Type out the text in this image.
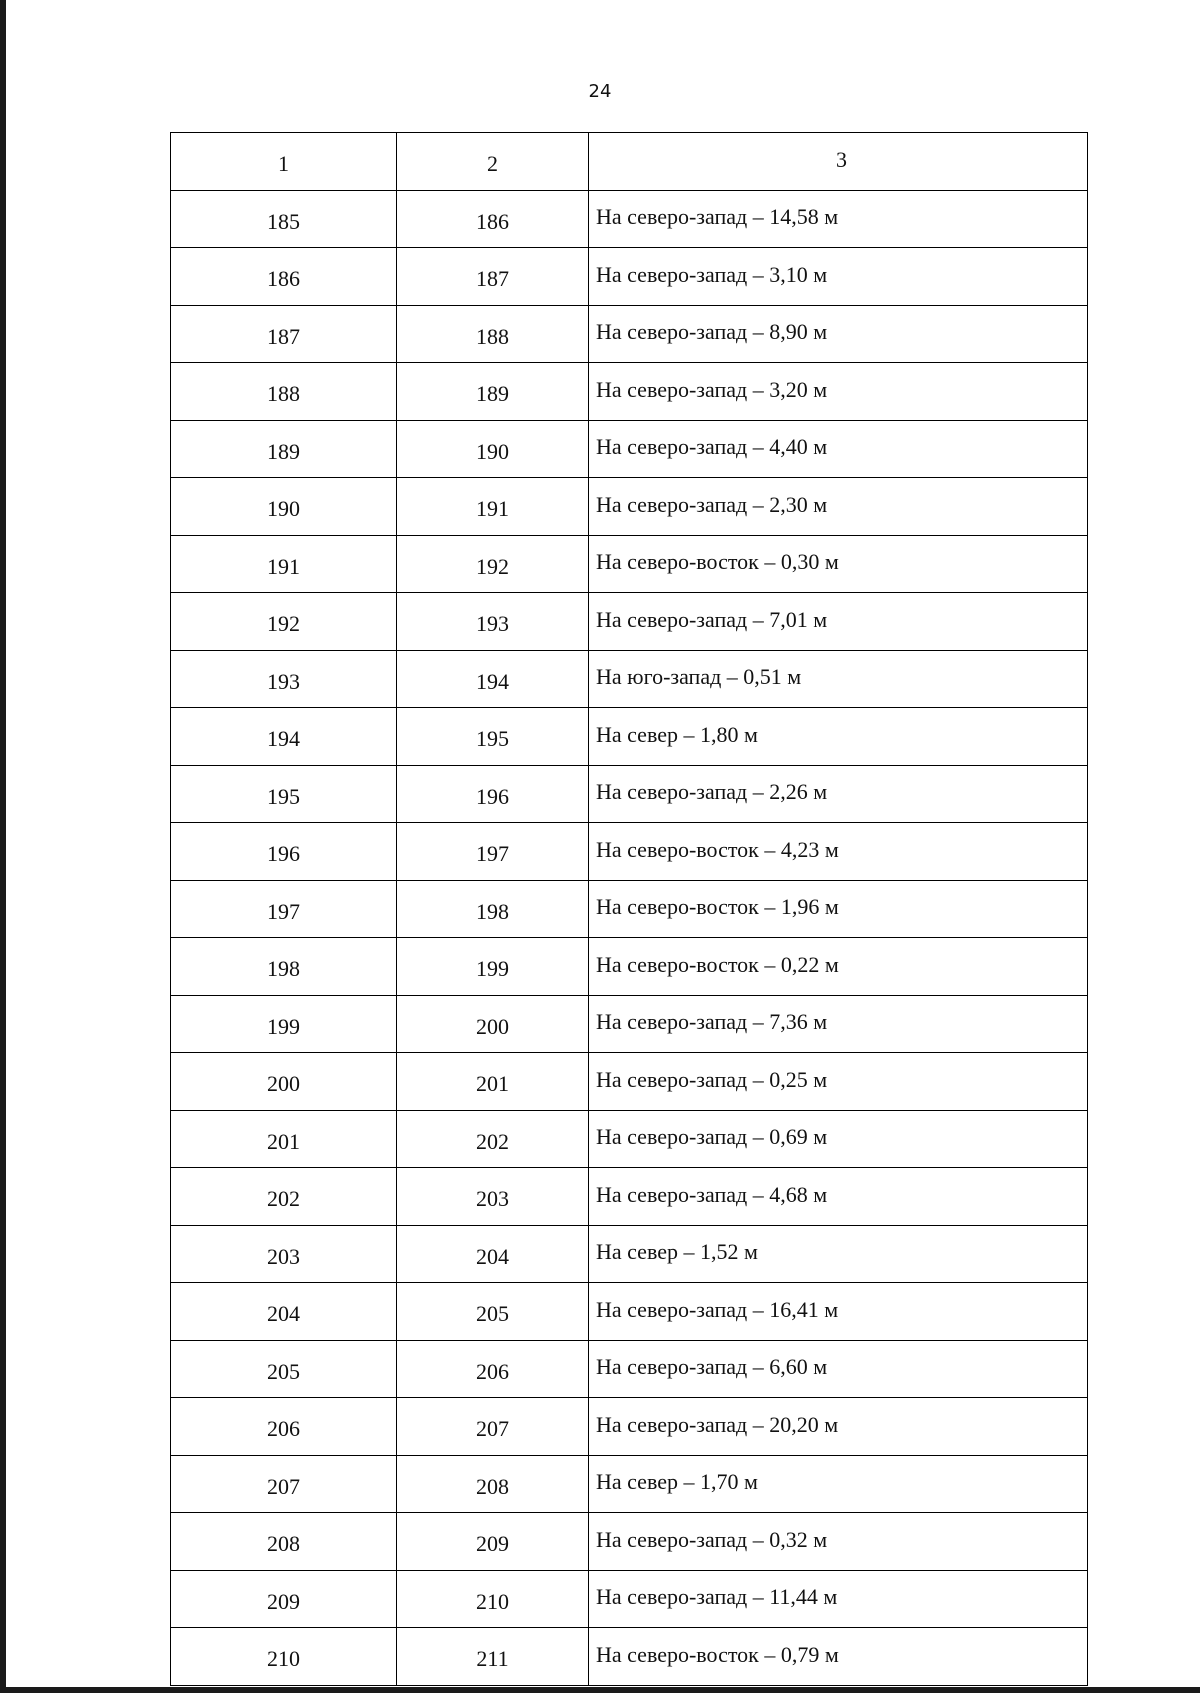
24
1	2	3
185	186	На северо-запад – 14,58 м
186	187	На северо-запад – 3,10 м
187	188	На северо-запад – 8,90 м
188	189	На северо-запад – 3,20 м
189	190	На северо-запад – 4,40 м
190	191	На северо-запад – 2,30 м
191	192	На северо-восток – 0,30 м
192	193	На северо-запад – 7,01 м
193	194	На юго-запад – 0,51 м
194	195	На север – 1,80 м
195	196	На северо-запад – 2,26 м
196	197	На северо-восток – 4,23 м
197	198	На северо-восток – 1,96 м
198	199	На северо-восток – 0,22 м
199	200	На северо-запад – 7,36 м
200	201	На северо-запад – 0,25 м
201	202	На северо-запад – 0,69 м
202	203	На северо-запад – 4,68 м
203	204	На север – 1,52 м
204	205	На северо-запад – 16,41 м
205	206	На северо-запад – 6,60 м
206	207	На северо-запад – 20,20 м
207	208	На север – 1,70 м
208	209	На северо-запад – 0,32 м
209	210	На северо-запад – 11,44 м
210	211	На северо-восток – 0,79 м
